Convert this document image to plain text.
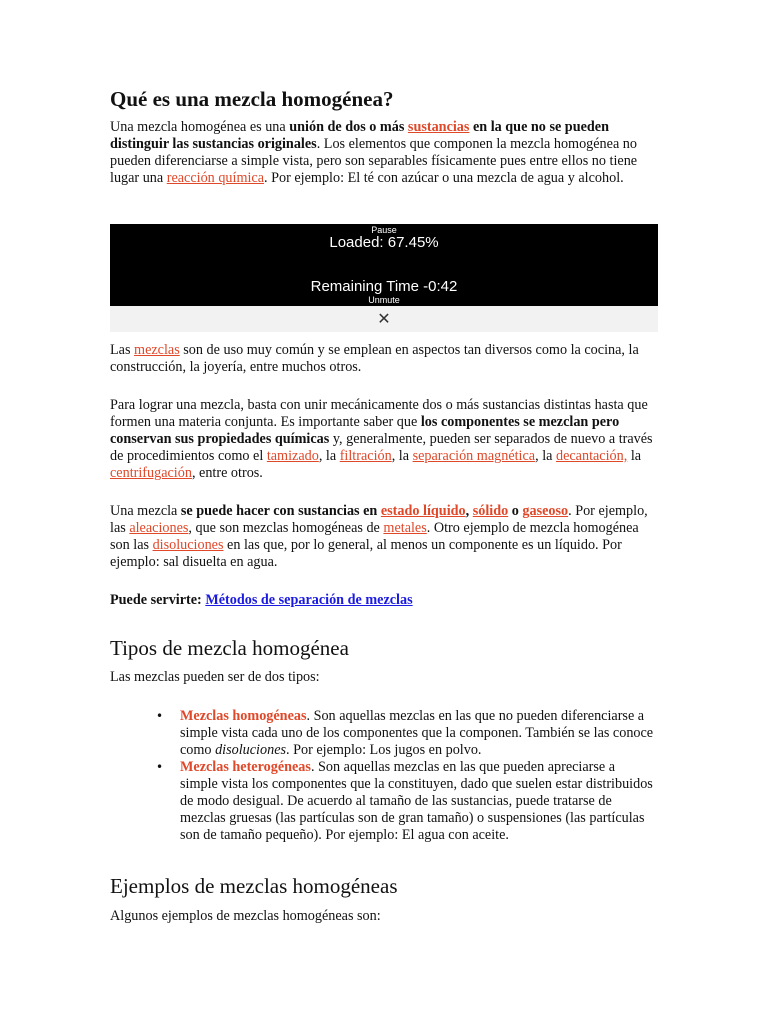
Qué es una mezcla homogénea?

Una mezcla homogénea es una unión de dos o más sustancias en la que no se pueden distinguir las sustancias originales. Los elementos que componen la mezcla homogénea no pueden diferenciarse a simple vista, pero son separables físicamente pues entre ellos no tiene lugar una reacción química. Por ejemplo: El té con azúcar o una mezcla de agua y alcohol.

Pause
Loaded: 67.45%
Remaining Time -0:42
Unmute
✕

Las mezclas son de uso muy común y se emplean en aspectos tan diversos como la cocina, la construcción, la joyería, entre muchos otros.

Para lograr una mezcla, basta con unir mecánicamente dos o más sustancias distintas hasta que formen una materia conjunta. Es importante saber que los componentes se mezclan pero conservan sus propiedades químicas y, generalmente, pueden ser separados de nuevo a través de procedimientos como el tamizado, la filtración, la separación magnética, la decantación, la centrifugación, entre otros.

Una mezcla se puede hacer con sustancias en estado líquido, sólido o gaseoso. Por ejemplo, las aleaciones, que son mezclas homogéneas de metales. Otro ejemplo de mezcla homogénea son las disoluciones en las que, por lo general, al menos un componente es un líquido. Por ejemplo: sal disuelta en agua.

Puede servirte: Métodos de separación de mezclas

Tipos de mezcla homogénea

Las mezclas pueden ser de dos tipos:

• Mezclas homogéneas. Son aquellas mezclas en las que no pueden diferenciarse a simple vista cada uno de los componentes que la componen. También se las conoce como disoluciones. Por ejemplo: Los jugos en polvo.
• Mezclas heterogéneas. Son aquellas mezclas en las que pueden apreciarse a simple vista los componentes que la constituyen, dado que suelen estar distribuidos de modo desigual. De acuerdo al tamaño de las sustancias, puede tratarse de mezclas gruesas (las partículas son de gran tamaño) o suspensiones (las partículas son de tamaño pequeño). Por ejemplo: El agua con aceite.
Ejemplos de mezclas homogéneas

Algunos ejemplos de mezclas homogéneas son:
